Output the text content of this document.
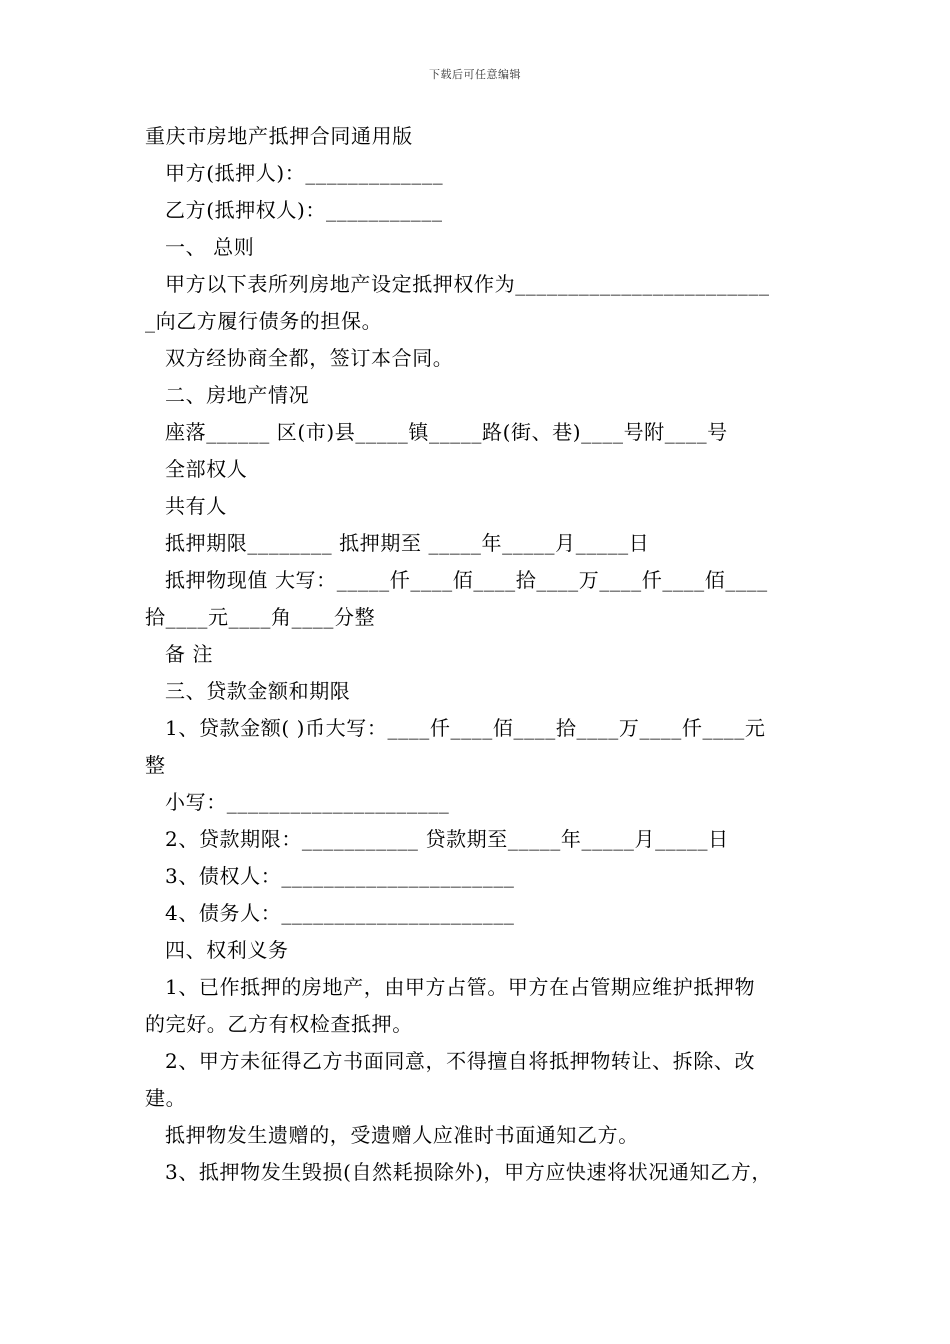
下载后可任意编辑
重庆市房地产抵押合同通用版
甲方(抵押人)：_____________
乙方(抵押权人)：___________
一、 总则
甲方以下表所列房地产设定抵押权作为________________________
_向乙方履行债务的担保。
双方经协商全都，签订本合同。
二、房地产情况
座落______ 区(市)县_____镇_____路(街、巷)____号附____号
全部权人
共有人
抵押期限________ 抵押期至 _____年_____月_____日
抵押物现值 大写：_____仟____佰____拾____万____仟____佰____
拾____元____角____分整
备 注
三、贷款金额和期限
1、贷款金额( )币大写：____仟____佰____拾____万____仟____元
整
小写：_____________________
2、贷款期限：___________ 贷款期至_____年_____月_____日
3、债权人：______________________
4、债务人：______________________
四、权利义务
1、已作抵押的房地产，由甲方占管。甲方在占管期应维护抵押物
的完好。乙方有权检查抵押。
2、甲方未征得乙方书面同意，不得擅自将抵押物转让、拆除、改
建。
抵押物发生遗赠的，受遗赠人应准时书面通知乙方。
3、抵押物发生毁损(自然耗损除外)，甲方应快速将状况通知乙方，
